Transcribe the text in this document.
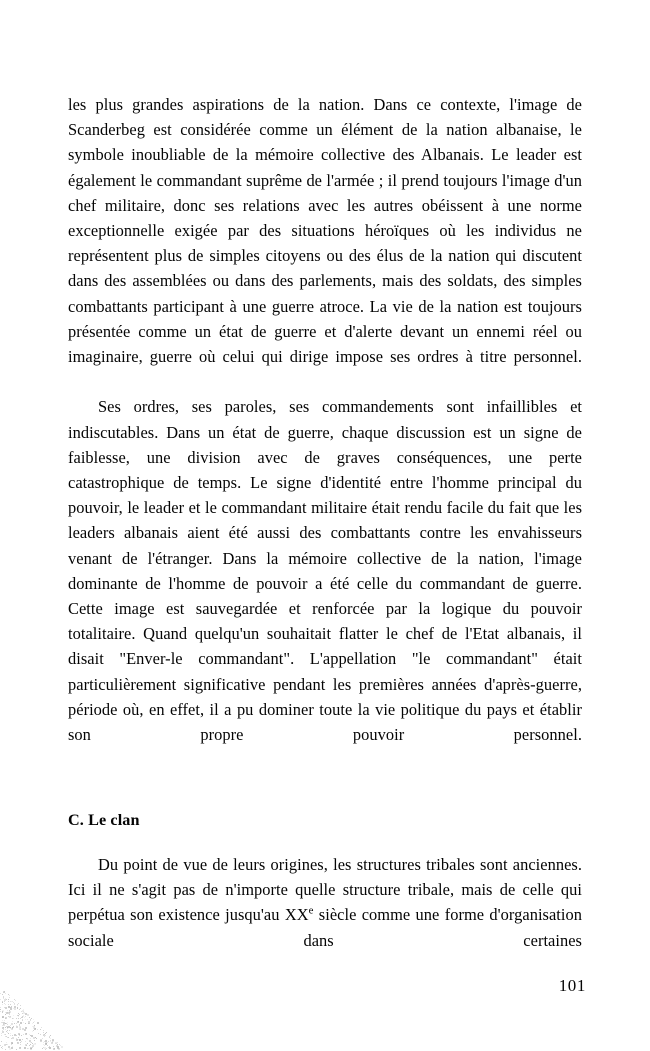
les plus grandes aspirations de la nation. Dans ce contexte, l'image de Scanderbeg est considérée comme un élément de la nation albanaise, le symbole inoubliable de la mémoire collective des Albanais. Le leader est également le commandant suprême de l'armée ; il prend toujours l'image d'un chef militaire, donc ses relations avec les autres obéissent à une norme exceptionnelle exigée par des situations héroïques où les individus ne représentent plus de simples citoyens ou des élus de la nation qui discutent dans des assemblées ou dans des parlements, mais des soldats, des simples combattants participant à une guerre atroce. La vie de la nation est toujours présentée comme un état de guerre et d'alerte devant un ennemi réel ou imaginaire, guerre où celui qui dirige impose ses ordres à titre personnel.

Ses ordres, ses paroles, ses commandements sont infaillibles et indiscutables. Dans un état de guerre, chaque discussion est un signe de faiblesse, une division avec de graves conséquences, une perte catastrophique de temps. Le signe d'identité entre l'homme principal du pouvoir, le leader et le commandant militaire était rendu facile du fait que les leaders albanais aient été aussi des combattants contre les envahisseurs venant de l'étranger. Dans la mémoire collective de la nation, l'image dominante de l'homme de pouvoir a été celle du commandant de guerre. Cette image est sauvegardée et renforcée par la logique du pouvoir totalitaire. Quand quelqu'un souhaitait flatter le chef de l'Etat albanais, il disait "Enver-le commandant". L'appellation "le commandant" était particulièrement significative pendant les premières années d'après-guerre, période où, en effet, il a pu dominer toute la vie politique du pays et établir son propre pouvoir personnel.

C. Le clan

Du point de vue de leurs origines, les structures tribales sont anciennes. Ici il ne s'agit pas de n'importe quelle structure tribale, mais de celle qui perpétua son existence jusqu'au XXe siècle comme une forme d'organisation sociale dans certaines

101
